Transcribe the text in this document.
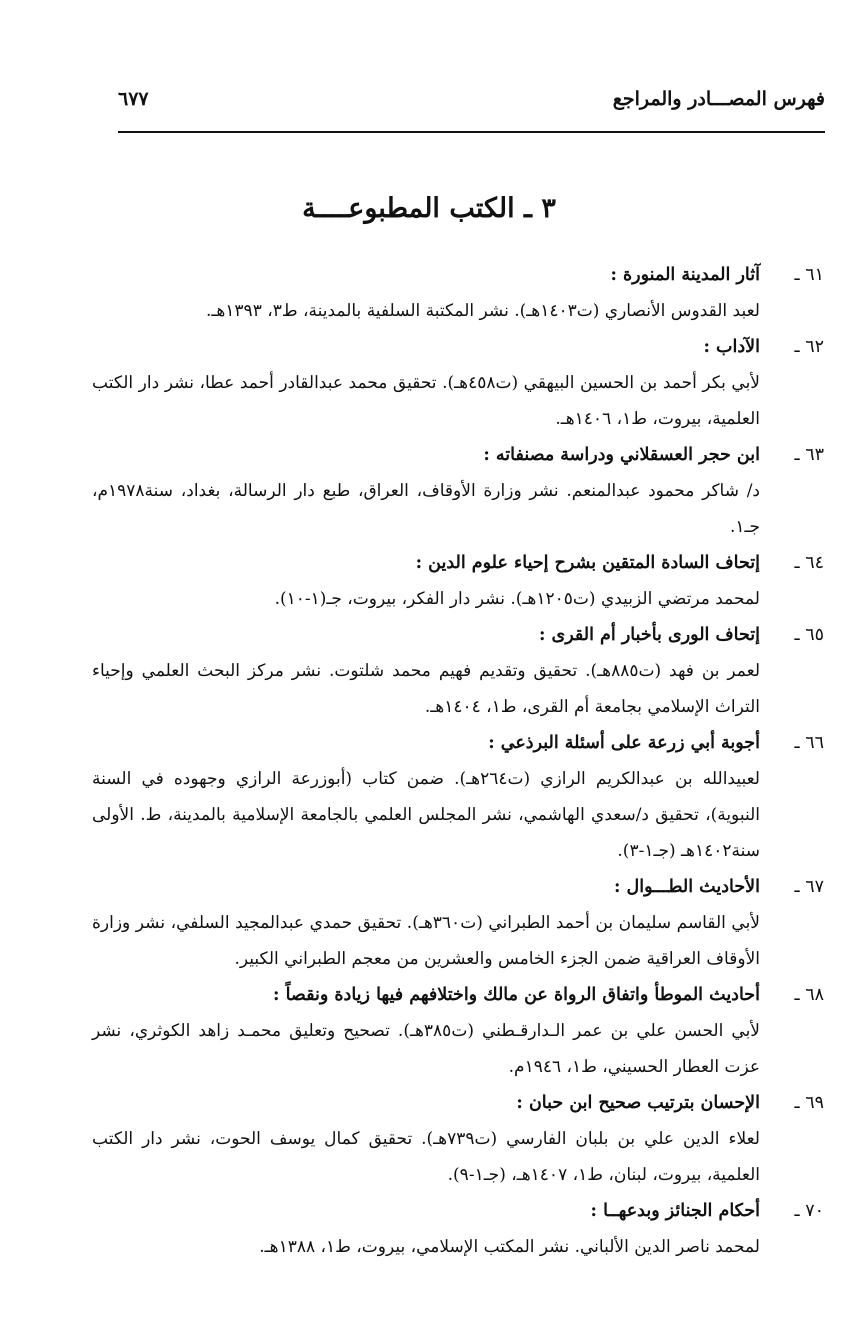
فهرس المصـــادر والمراجع
٦٧٧
٣ ـ الكتب المطبوعــــة
٦١ ـ
آثار المدينة المنورة :
لعبد القدوس الأنصاري (ت١٤٠٣هـ). نشر المكتبة السلفية بالمدينة، ط٣، ١٣٩٣هـ.
٦٢ ـ
الآداب :
لأبي بكر أحمد بن الحسين البيهقي (ت٤٥٨هـ). تحقيق محمد عبدالقادر أحمد عطا، نشر دار الكتب العلمية، بيروت، ط١، ١٤٠٦هـ.
٦٣ ـ
ابن حجر العسقلاني ودراسة مصنفاته :
د/ شاكر محمود عبدالمنعم. نشر وزارة الأوقاف، العراق، طبع دار الرسالة، بغداد، سنة١٩٧٨م، جـ١.
٦٤ ـ
إتحاف السادة المتقين بشرح إحياء علوم الدين :
لمحمد مرتضي الزبيدي (ت١٢٠٥هـ). نشر دار الفكر، بيروت، جـ(١-١٠).
٦٥ ـ
إتحاف الورى بأخبار أم القرى :
لعمر بن فهد (ت٨٨٥هـ). تحقيق وتقديم فهيم محمد شلتوت. نشر مركز البحث العلمي وإحياء التراث الإسلامي بجامعة أم القرى، ط١، ١٤٠٤هـ.
٦٦ ـ
أجوبة أبي زرعة على أسئلة البرذعي :
لعبيدالله بن عبدالكريم الرازي (ت٢٦٤هـ). ضمن كتاب (أبوزرعة الرازي وجهوده في السنة النبوية)، تحقيق د/سعدي الهاشمي، نشر المجلس العلمي بالجامعة الإسلامية بالمدينة، ط. الأولى سنة١٤٠٢هـ (جـ١-٣).
٦٧ ـ
الأحاديث الطـــوال :
لأبي القاسم سليمان بن أحمد الطبراني (ت٣٦٠هـ). تحقيق حمدي عبدالمجيد السلفي، نشر وزارة الأوقاف العراقية ضمن الجزء الخامس والعشرين من معجم الطبراني الكبير.
٦٨ ـ
أحاديث الموطأ واتفاق الرواة عن مالك واختلافهم فيها زيادة ونقصاً :
لأبي الحسن علي بن عمر الـدارقـطني (ت٣٨٥هـ). تصحيح وتعليق محمـد زاهد الكوثري، نشر عزت العطار الحسيني، ط١، ١٩٤٦م.
٦٩ ـ
الإحسان بترتيب صحيح ابن حبان :
لعلاء الدين علي بن بلبان الفارسي (ت٧٣٩هـ). تحقيق كمال يوسف الحوت، نشر دار الكتب العلمية، بيروت، لبنان، ط١، ١٤٠٧هـ، (جـ١-٩).
٧٠ ـ
أحكام الجنائز وبدعهــا :
لمحمد ناصر الدين الألباني. نشر المكتب الإسلامي، بيروت، ط١، ١٣٨٨هـ.
